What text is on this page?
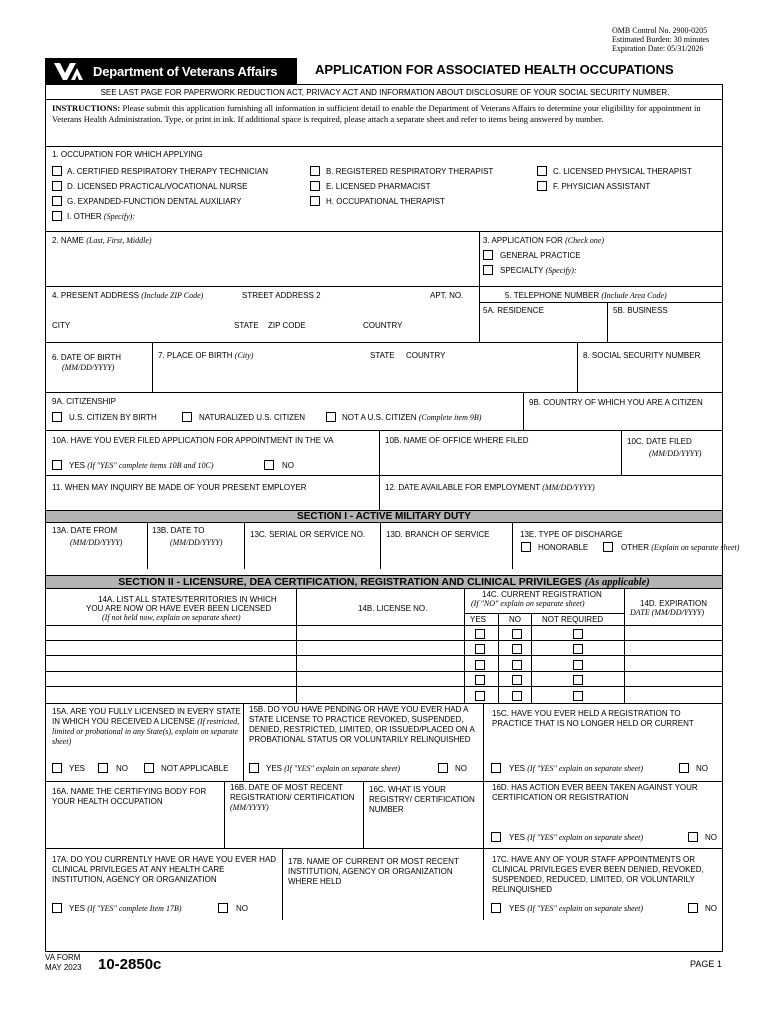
OMB Control No. 2900-0205
Estimated Burden: 30 minutes
Expiration Date: 05/31/2026
Department of Veterans Affairs	APPLICATION FOR ASSOCIATED HEALTH OCCUPATIONS
SEE LAST PAGE FOR PAPERWORK REDUCTION ACT, PRIVACY ACT AND INFORMATION ABOUT DISCLOSURE OF YOUR SOCIAL SECURITY NUMBER.
INSTRUCTIONS: Please submit this application furnishing all information in sufficient detail to enable the Department of Veterans Affairs to determine your eligibility for appointment in Veterans Health Administration. Type, or print in ink. If additional space is required, please attach a separate sheet and refer to items being answered by number.
1. OCCUPATION FOR WHICH APPLYING
A. CERTIFIED RESPIRATORY THERAPY TECHNICIAN	B. REGISTERED RESPIRATORY THERAPIST	C. LICENSED PHYSICAL THERAPIST
D. LICENSED PRACTICAL/VOCATIONAL NURSE	E. LICENSED PHARMACIST	F. PHYSICIAN ASSISTANT
G. EXPANDED-FUNCTION DENTAL AUXILIARY	H. OCCUPATIONAL THERAPIST
I. OTHER (Specify):
2. NAME (Last, First, Middle)	3. APPLICATION FOR (Check one)
GENERAL PRACTICE
SPECIALTY (Specify):
4. PRESENT ADDRESS (Include ZIP Code)	STREET ADDRESS 2	APT. NO.
CITY	STATE ZIP CODE	COUNTRY
5. TELEPHONE NUMBER (Include Area Code)
5A. RESIDENCE	5B. BUSINESS
6. DATE OF BIRTH
(MM/DD/YYYY)
7. PLACE OF BIRTH (City)	STATE COUNTRY	8. SOCIAL SECURITY NUMBER
9A. CITIZENSHIP
U.S. CITIZEN BY BIRTH	NATURALIZED U.S. CITIZEN	NOT A U.S. CITIZEN (Complete item 9B)
9B. COUNTRY OF WHICH YOU ARE A CITIZEN
10A. HAVE YOU EVER FILED APPLICATION FOR APPOINTMENT IN THE VA
YES (If "YES" complete items 10B and 10C)	NO
10B. NAME OF OFFICE WHERE FILED	10C. DATE FILED
(MM/DD/YYYY)
11. WHEN MAY INQUIRY BE MADE OF YOUR PRESENT EMPLOYER	12. DATE AVAILABLE FOR EMPLOYMENT (MM/DD/YYYY)
SECTION I - ACTIVE MILITARY DUTY
13A. DATE FROM
(MM/DD/YYYY)
13B. DATE TO
(MM/DD/YYYY)
13C. SERIAL OR SERVICE NO.	13D. BRANCH OF SERVICE	13E. TYPE OF DISCHARGE
HONORABLE	OTHER (Explain on separate sheet)
SECTION II - LICENSURE, DEA CERTIFICATION, REGISTRATION AND CLINICAL PRIVILEGES (As applicable)
14A. LIST ALL STATES/TERRITORIES IN WHICH
YOU ARE NOW OR HAVE EVER BEEN LICENSED
(If not held now, explain on separate sheet)
14B. LICENSE NO.
14C. CURRENT REGISTRATION
(If "NO" explain on separate sheet)
YES	NO	NOT REQUIRED
14D. EXPIRATION
DATE (MM/DD/YYYY)
15A. ARE YOU FULLY LICENSED IN EVERY STATE IN WHICH YOU RECEIVED A LICENSE (If restricted, limited or probational in any State(s), explain on separate sheet)
YES	NO	NOT APPLICABLE
15B. DO YOU HAVE PENDING OR HAVE YOU EVER HAD A STATE LICENSE TO PRACTICE REVOKED, SUSPENDED, DENIED, RESTRICTED, LIMITED, OR ISSUED/PLACED ON A PROBATIONAL STATUS OR VOLUNTARILY RELINQUISHED
YES (If "YES" explain on separate sheet)	NO
15C. HAVE YOU EVER HELD A REGISTRATION TO PRACTICE THAT IS NO LONGER HELD OR CURRENT
YES (If "YES" explain on separate sheet)	NO
16A. NAME THE CERTIFYING BODY FOR YOUR HEALTH OCCUPATION
16B. DATE OF MOST RECENT REGISTRATION/ CERTIFICATION (MM/YYYY)
16C. WHAT IS YOUR REGISTRY/ CERTIFICATION NUMBER
16D. HAS ACTION EVER BEEN TAKEN AGAINST YOUR CERTIFICATION OR REGISTRATION
YES (If "YES" explain on separate sheet)	NO
17A. DO YOU CURRENTLY HAVE OR HAVE YOU EVER HAD CLINICAL PRIVILEGES AT ANY HEALTH CARE INSTITUTION, AGENCY OR ORGANIZATION
YES (If "YES" complete Item 17B)	NO
17B. NAME OF CURRENT OR MOST RECENT INSTITUTION, AGENCY OR ORGANIZATION WHERE HELD
17C. HAVE ANY OF YOUR STAFF APPOINTMENTS OR CLINICAL PRIVILEGES EVER BEEN DENIED, REVOKED, SUSPENDED, REDUCED, LIMITED, OR VOLUNTARILY RELINQUISHED
YES (If "YES" explain on separate sheet)	NO
VA FORM
MAY 2023 10-2850c	PAGE 1
